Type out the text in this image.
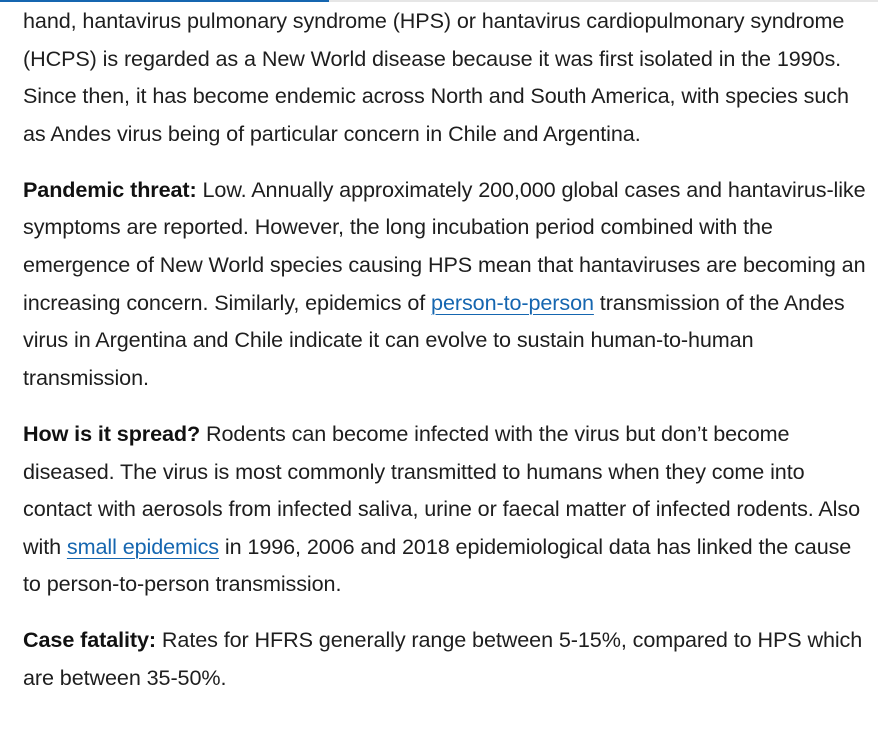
hand, hantavirus pulmonary syndrome (HPS) or hantavirus cardiopulmonary syndrome (HCPS) is regarded as a New World disease because it was first isolated in the 1990s. Since then, it has become endemic across North and South America, with species such as Andes virus being of particular concern in Chile and Argentina.

Pandemic threat: Low. Annually approximately 200,000 global cases and hantavirus-like symptoms are reported. However, the long incubation period combined with the emergence of New World species causing HPS mean that hantaviruses are becoming an increasing concern. Similarly, epidemics of person-to-person transmission of the Andes virus in Argentina and Chile indicate it can evolve to sustain human-to-human transmission.

How is it spread? Rodents can become infected with the virus but don’t become diseased. The virus is most commonly transmitted to humans when they come into contact with aerosols from infected saliva, urine or faecal matter of infected rodents. Also with small epidemics in 1996, 2006 and 2018 epidemiological data has linked the cause to person-to-person transmission.

Case fatality: Rates for HFRS generally range between 5-15%, compared to HPS which are between 35-50%.
